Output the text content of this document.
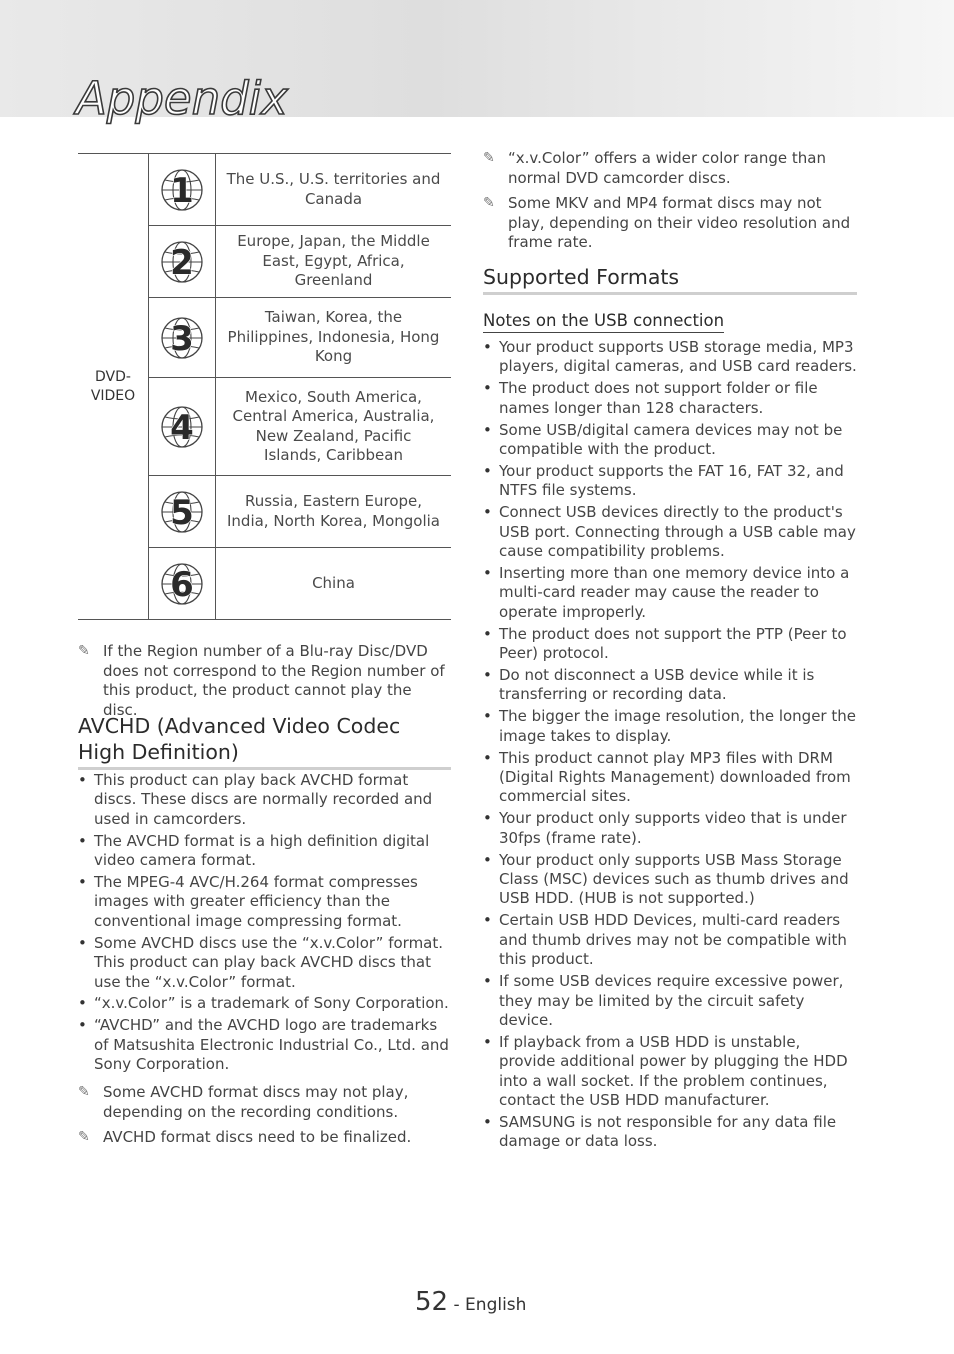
Appendix
DVD-
VIDEO	1	The U.S., U.S. territories and Canada

2	Europe, Japan, the Middle East, Egypt, Africa, Greenland

3	Taiwan, Korea, the Philippines, Indonesia, Hong Kong

4	Mexico, South America, Central America, Australia, New Zealand, Pacific Islands, Caribbean

5	Russia, Eastern Europe, India, North Korea, Mongolia

6	China
✎ If the Region number of a Blu-ray Disc/DVD does not correspond to the Region number of this product, the product cannot play the disc.
AVCHD (Advanced Video Codec High Definition)
• This product can play back AVCHD format discs. These discs are normally recorded and used in camcorders.
• The AVCHD format is a high definition digital video camera format.
• The MPEG-4 AVC/H.264 format compresses images with greater efficiency than the conventional image compressing format.
• Some AVCHD discs use the “x.v.Color” format. This product can play back AVCHD discs that use the “x.v.Color” format.
• “x.v.Color” is a trademark of Sony Corporation.
• “AVCHD” and the AVCHD logo are trademarks of Matsushita Electronic Industrial Co., Ltd. and Sony Corporation.
✎ Some AVCHD format discs may not play, depending on the recording conditions.
✎ AVCHD format discs need to be finalized.
✎ “x.v.Color” offers a wider color range than normal DVD camcorder discs.
✎ Some MKV and MP4 format discs may not play, depending on their video resolution and frame rate.
Supported Formats
Notes on the USB connection
• Your product supports USB storage media, MP3 players, digital cameras, and USB card readers.
• The product does not support folder or file names longer than 128 characters.
• Some USB/digital camera devices may not be compatible with the product.
• Your product supports the FAT 16, FAT 32, and NTFS file systems.
• Connect USB devices directly to the product's USB port. Connecting through a USB cable may cause compatibility problems.
• Inserting more than one memory device into a multi-card reader may cause the reader to operate improperly.
• The product does not support the PTP (Peer to Peer) protocol.
• Do not disconnect a USB device while it is transferring or recording data.
• The bigger the image resolution, the longer the image takes to display.
• This product cannot play MP3 files with DRM (Digital Rights Management) downloaded from commercial sites.
• Your product only supports video that is under 30fps (frame rate).
• Your product only supports USB Mass Storage Class (MSC) devices such as thumb drives and USB HDD. (HUB is not supported.)
• Certain USB HDD Devices, multi-card readers and thumb drives may not be compatible with this product.
• If some USB devices require excessive power, they may be limited by the circuit safety device.
• If playback from a USB HDD is unstable, provide additional power by plugging the HDD into a wall socket. If the problem continues, contact the USB HDD manufacturer.
• SAMSUNG is not responsible for any data file damage or data loss.
52 - English
